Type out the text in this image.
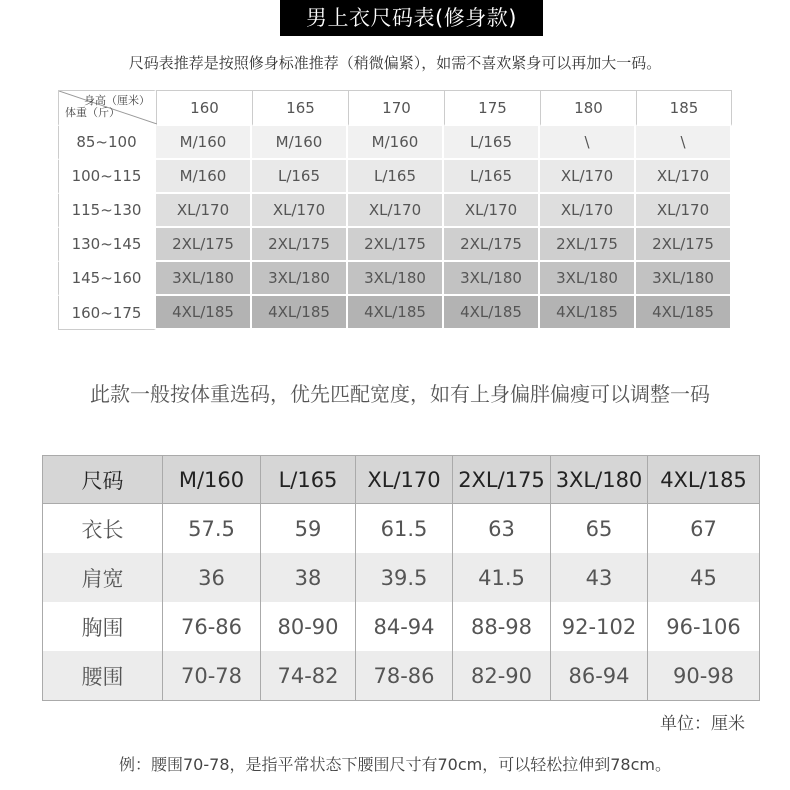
男上衣尺码表(修身款)
尺码表推荐是按照修身标准推荐（稍微偏紧），如需不喜欢紧身可以再加大一码。
身高（厘米）
体重（斤）	160	165	170	175	180	185
85~100	M/160	M/160	M/160	L/165	\	\
100~115	M/160	L/165	L/165	L/165	XL/170	XL/170
115~130	XL/170	XL/170	XL/170	XL/170	XL/170	XL/170
130~145	2XL/175	2XL/175	2XL/175	2XL/175	2XL/175	2XL/175
145~160	3XL/180	3XL/180	3XL/180	3XL/180	3XL/180	3XL/180
160~175	4XL/185	4XL/185	4XL/185	4XL/185	4XL/185	4XL/185
此款一般按体重选码，优先匹配宽度，如有上身偏胖偏瘦可以调整一码
尺码	M/160	L/165	XL/170	2XL/175	3XL/180	4XL/185
衣长	57.5	59	61.5	63	65	67
肩宽	36	38	39.5	41.5	43	45
胸围	76-86	80-90	84-94	88-98	92-102	96-106
腰围	70-78	74-82	78-86	82-90	86-94	90-98
单位：厘米
例：腰围70-78，是指平常状态下腰围尺寸有70cm，可以轻松拉伸到78cm。
